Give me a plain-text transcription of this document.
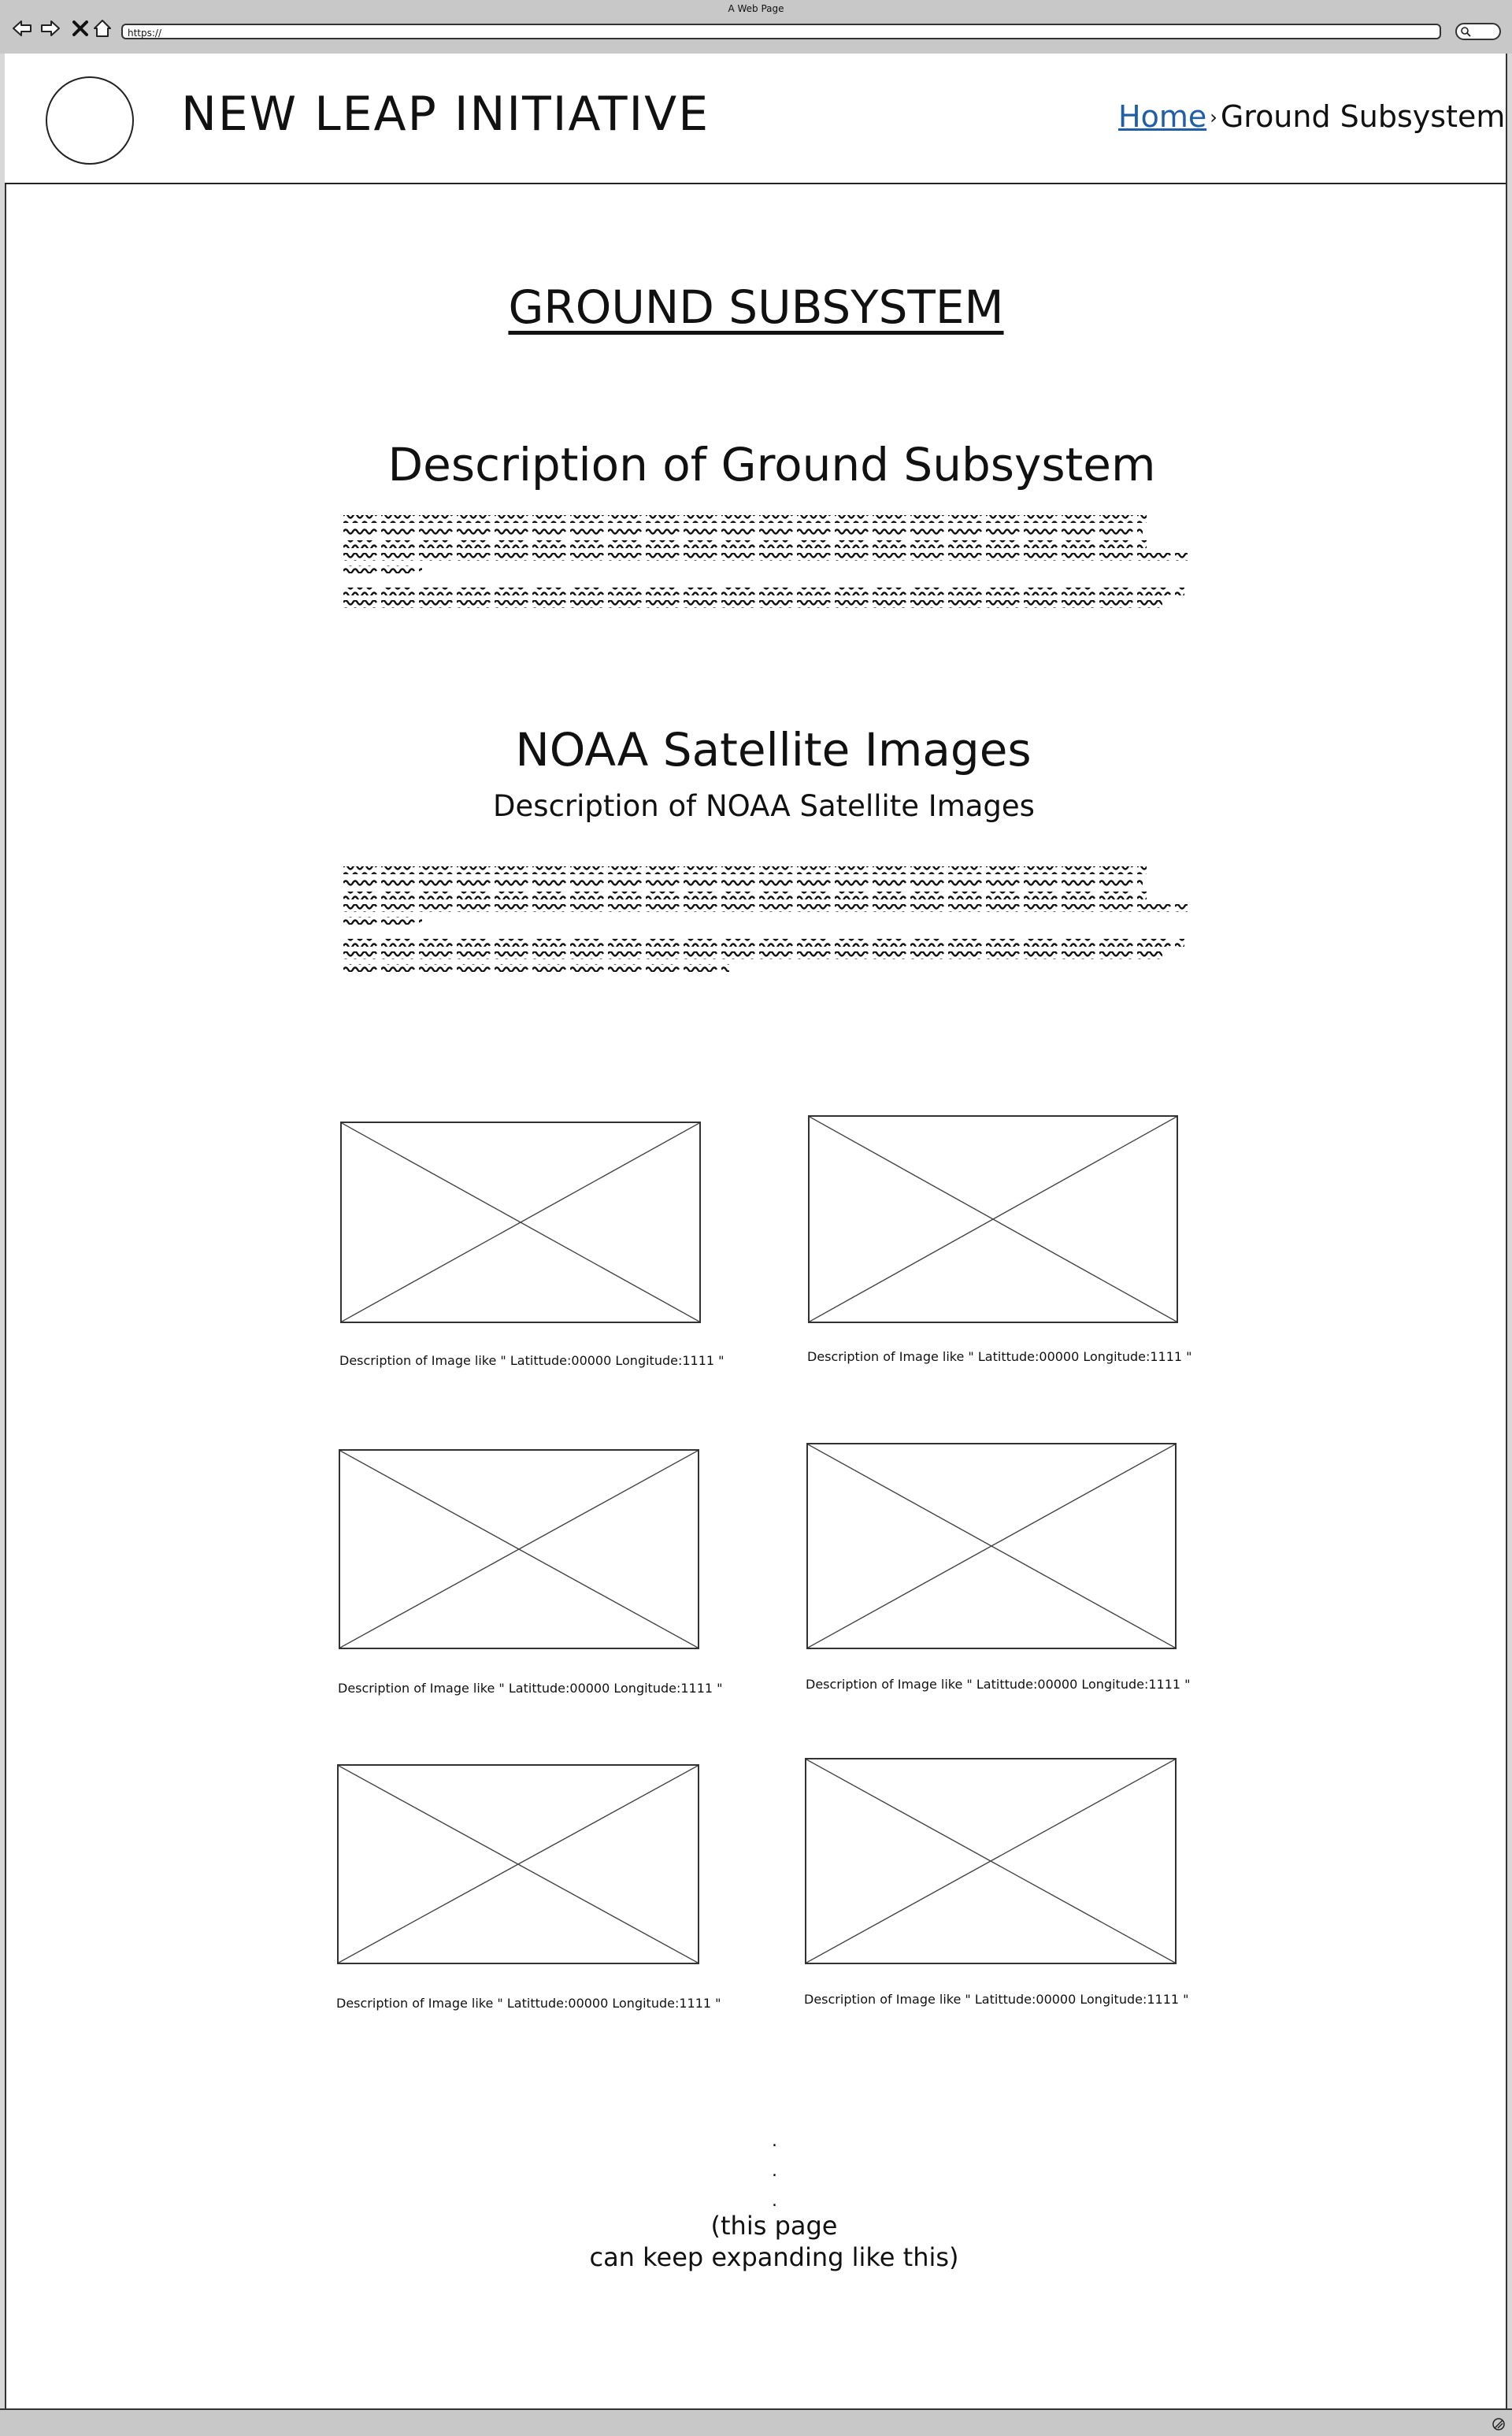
A Web Page
https://
NEW LEAP INITIATIVE	Home › Ground Subsystem
GROUND SUBSYSTEM
Description of Ground Subsystem
NOAA Satellite Images
Description of NOAA Satellite Images
Description of Image like " Latittude:00000 Longitude:1111 "	Description of Image like " Latittude:00000 Longitude:1111 "
Description of Image like " Latittude:00000 Longitude:1111 "	Description of Image like " Latittude:00000 Longitude:1111 "
Description of Image like " Latittude:00000 Longitude:1111 "	Description of Image like " Latittude:00000 Longitude:1111 "
.
.
.
(this page
can keep expanding like this)
